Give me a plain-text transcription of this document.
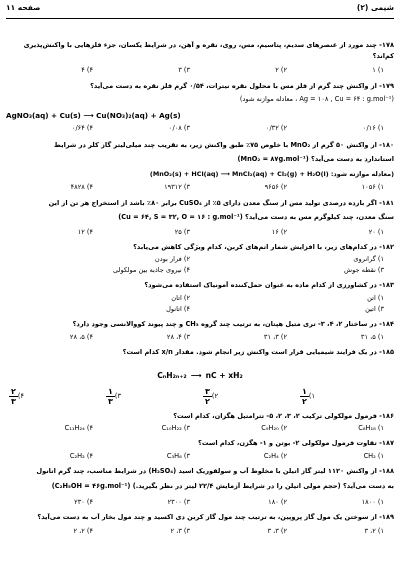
شیمی (۲)
صفحه ۱۱
۱۷۸- چند مورد از عنصرهای سدیم، پتاسیم، مس، روی، نقره و آهن، در شرایط یکسان، جزء فلزهایی با واکنش‌پذیری
کم‌اند؟
۱) ۱
۲) ۲
۳) ۳
۴) ۴
۱۷۹- از واکنش چند گرم از فلز مس با محلول نقره نیترات، ۰/۵۴ گرم فلز نقره به دست می‌آید؟
(Ag = ۱۰۸ , Cu = ۶۴ : g.mol⁻¹ ، معادله موازنه شود)
AgNO₃(aq) + Cu(s) ⟶ Cu(NO₃)₂(aq) + Ag(s)
۱) ۰/۱۶
۲) ۰/۳۲
۳) ۰/۰۸
۴) ۰/۶۴
۱۸۰- از واکنش ۵۰ گرم از MnO₂ با خلوص ۷۵٪ طبق واکنش زیر، به تقریب چند میلی‌لیتر گاز کلر در شرایط
استاندارد به دست می‌آید؟ (MnO₂ = ۸۷g.mol⁻¹)
(معادله موازنه شود: MnO₂(s) + HCl(aq) ⟶ MnCl₂(aq) + Cl₂(g) + H₂O(l))
۱) ۱۰۵۶
۲) ۹۶۵۶
۳) ۱۹۳۱۲
۴) ۴۸۲۸
۱۸۱- اگر بازده درصدی تولید مس از سنگ معدن دارای ۵٪ از CuSO₄ برابر ۸۰٪ باشد از استخراج هر تن از این
سنگ معدن، چند کیلوگرم مس به دست می‌آید؟ (Cu = ۶۴, S = ۳۲, O = ۱۶ : g.mol⁻¹)
۱) ۲۰
۲) ۱۶
۳) ۲۵
۴) ۱۲
۱۸۲- در کدام‌های زیر، با افزایش شمار اتم‌های کربن، کدام ویژگی کاهش می‌یابد؟
۱) گرانروی
۲) فرار بودن
۳) نقطه جوش
۴) نیروی جاذبه بین مولکولی
۱۸۳- در کشاورزی از کدام ماده به عنوان حمل‌کننده آمونیاک استفاده می‌شود؟
۱) اتن
۲) اتان
۳) اتین
۴) اتانول
۱۸۴- در ساختار ۲، ۴، ۳- تری متیل هپتان، به ترتیب چند گروه CH₃ و چند پیوند کووالانسی وجود دارد؟
۱) ۵، ۳۱
۲) ۳، ۳۱
۳) ۴، ۲۸
۴) ۵، ۲۸
۱۸۵- در یک فرایند شیمیایی قرار است واکنش زیر انجام شود. مقدار x/n کدام است؟
CₙH₂ₙ₊₂ ⟶ nC + xH₂
۱)
$\frac{۱}{۲}$
۲)
$\frac{۳}{۲}$
۳)
$\frac{۱}{۳}$
۴)
$\frac{۲}{۳}$
۱۸۶- فرمول مولکولی ترکیب ۲، ۳، ۲، ۵- تترامتیل هگزان، کدام است؟
۱) C₈H₁₈
۲) C₉H₂₀
۳) C₁₀H₂₂
۴) C₁₁H₂₄
۱۸۷- تفاوت فرمول مولکولی ۲- بوتن و ۱- هگزن، کدام است؟
۱) CH₂
۲) C₂H₄
۳) C₃H₆
۴) C₂H₂
۱۸۸- از واکنش ۱۱۲۰ لیتر گاز اتیلن با مخلوط آب و سولفوریک اسید (H₂SO₄) در شرایط مناسب، چند گرم اتانول
به دست می‌آید؟ (حجم مولی اتیلن را در شرایط آزمایش ۲۲/۴ لیتر در نظر بگیرید.) (C₂H₅OH = ۴۶g.mol⁻¹)
۱) ۱۸۰۰
۲) ۱۸۰
۳) ۲۳۰۰
۴) ۲۳۰
۱۸۹- از سوختن یک مول گاز پروپین، به ترتیب چند مول گاز کربن دی اکسید و چند مول بخار آب به دست می‌آید؟
۱) ۲، ۳
۲) ۳، ۳
۳) ۳، ۲
۴) ۲، ۲
